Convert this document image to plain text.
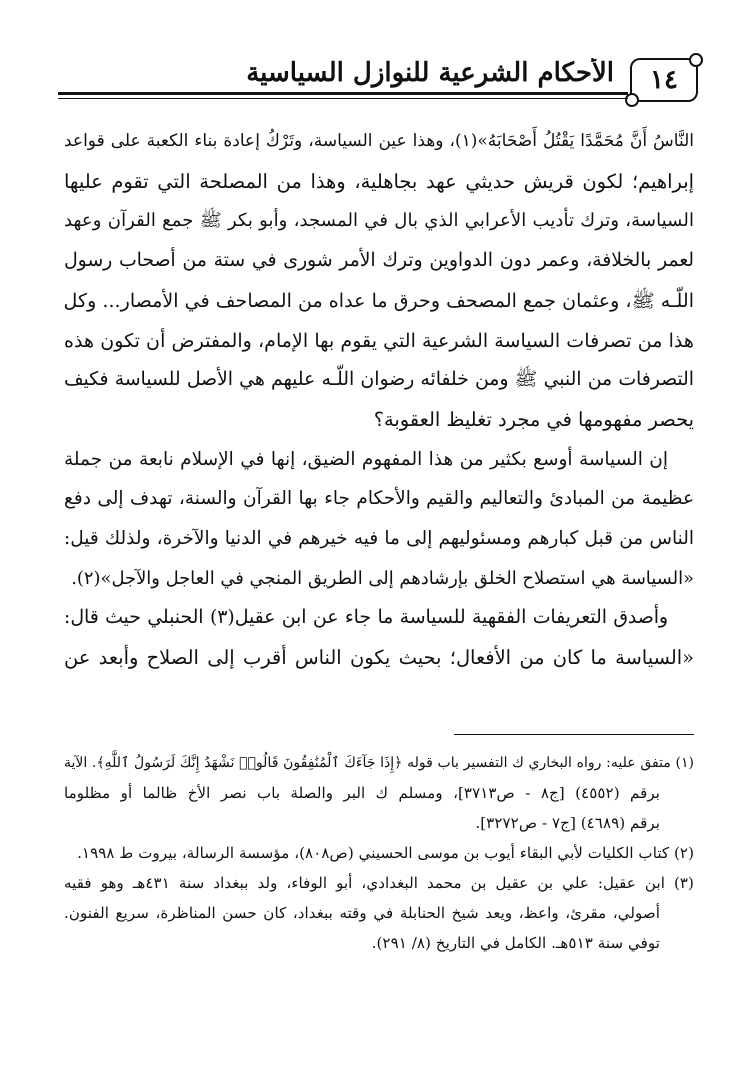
١٤
الأحكام الشرعية للنوازل السياسية
النَّاسُ أَنَّ مُحَمَّدًا يَقْتُلُ أَصْحَابَهُ»(١)، وهذا عين السياسة، وتَرْكُ إعادة بناء الكعبة على قواعد
إبراهيم؛ لكون قريش حديثي عهد بجاهلية، وهذا من المصلحة التي تقوم عليها
السياسة، وترك تأديب الأعرابي الذي بال في المسجد، وأبو بكر ﷺ جمع القرآن وعهد
لعمر بالخلافة، وعمر دون الدواوين وترك الأمر شورى في ستة من أصحاب رسول
اللّـه ﷺ، وعثمان جمع المصحف وحرق ما عداه من المصاحف في الأمصار... وكل
هذا من تصرفات السياسة الشرعية التي يقوم بها الإمام، والمفترض أن تكون هذه
التصرفات من النبي ﷺ ومن خلفائه رضوان اللّـه عليهم هي الأصل للسياسة فكيف
يحصر مفهومها في مجرد تغليظ العقوبة؟
إن السياسة أوسع بكثير من هذا المفهوم الضيق، إنها في الإسلام نابعة من جملة
عظيمة من المبادئ والتعاليم والقيم والأحكام جاء بها القرآن والسنة، تهدف إلى دفع
الناس من قبل كبارهم ومسئوليهم إلى ما فيه خيرهم في الدنيا والآخرة، ولذلك قيل:
«السياسة هي استصلاح الخلق بإرشادهم إلى الطريق المنجي في العاجل والآجل»(٢).
وأصدق التعريفات الفقهية للسياسة ما جاء عن ابن عقيل(٣) الحنبلي حيث قال:
«السياسة ما كان من الأفعال؛ بحيث يكون الناس أقرب إلى الصلاح وأبعد عن
(١) متفق عليه: رواه البخاري ك التفسير باب قوله ﴿إِذَا جَآءَكَ ٱلْمُنَٰفِقُونَ قَالُوا۟ نَشْهَدُ إِنَّكَ لَرَسُولُ ٱللَّهِ﴾. الآية
برقم (٤٥٥٢) [ج٨ - ص٣٧١٣]، ومسلم ك البر والصلة باب نصر الأخ ظالما أو مظلوما
برقم (٤٦٨٩) [ج٧ - ص٣٢٧٢].
(٢) كتاب الكليات لأبي البقاء أيوب بن موسى الحسيني (ص٨٠٨)، مؤسسة الرسالة، بيروت ط ١٩٩٨.
(٣) ابن عقيل: علي بن عقيل بن محمد البغدادي، أبو الوفاء، ولد ببغداد سنة ٤٣١هـ وهو فقيه
أصولي، مقرئ، واعظ، ويعد شيخ الحنابلة في وقته ببغداد، كان حسن المناظرة، سريع الفنون.
توفي سنة ٥١٣هـ. الكامل في التاريخ (٨/ ٢٩١).
